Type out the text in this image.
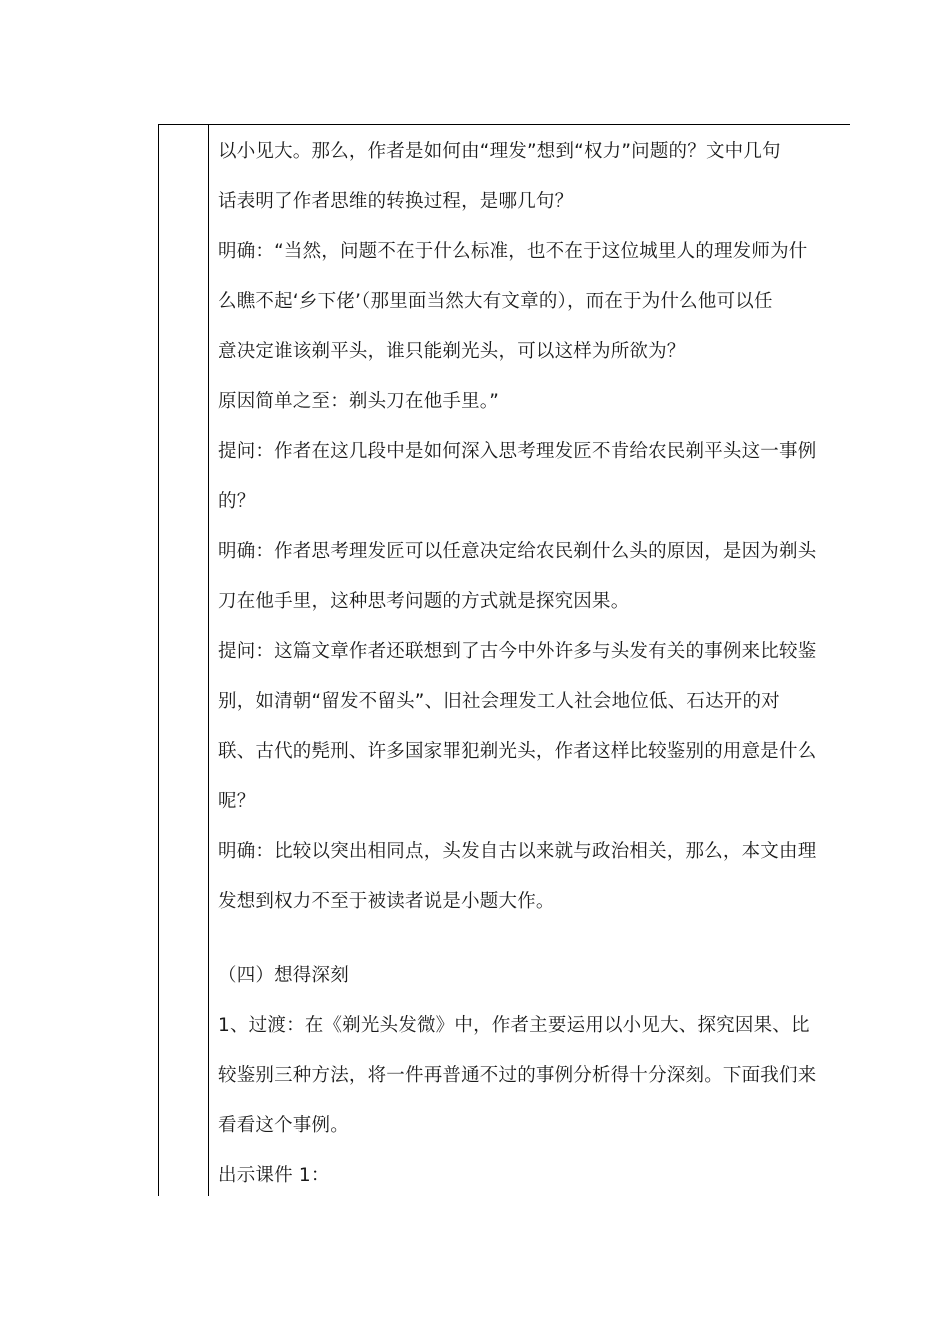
以小见大。那么，作者是如何由“理发”想到“权力”问题的？文中几句
话表明了作者思维的转换过程，是哪几句？
明确：“当然，问题不在于什么标准，也不在于这位城里人的理发师为什
么瞧不起‘乡下佬’（那里面当然大有文章的），而在于为什么他可以任
意决定谁该剃平头，谁只能剃光头，可以这样为所欲为？
原因简单之至：剃头刀在他手里。”
提问：作者在这几段中是如何深入思考理发匠不肯给农民剃平头这一事例
的？
明确：作者思考理发匠可以任意决定给农民剃什么头的原因，是因为剃头
刀在他手里，这种思考问题的方式就是探究因果。
提问：这篇文章作者还联想到了古今中外许多与头发有关的事例来比较鉴
别，如清朝“留发不留头”、旧社会理发工人社会地位低、石达开的对
联、古代的髡刑、许多国家罪犯剃光头，作者这样比较鉴别的用意是什么
呢？
明确：比较以突出相同点，头发自古以来就与政治相关，那么，本文由理
发想到权力不至于被读者说是小题大作。
（四）想得深刻
1、过渡：在《剃光头发微》中，作者主要运用以小见大、探究因果、比
较鉴别三种方法，将一件再普通不过的事例分析得十分深刻。下面我们来
看看这个事例。
出示课件 1：
